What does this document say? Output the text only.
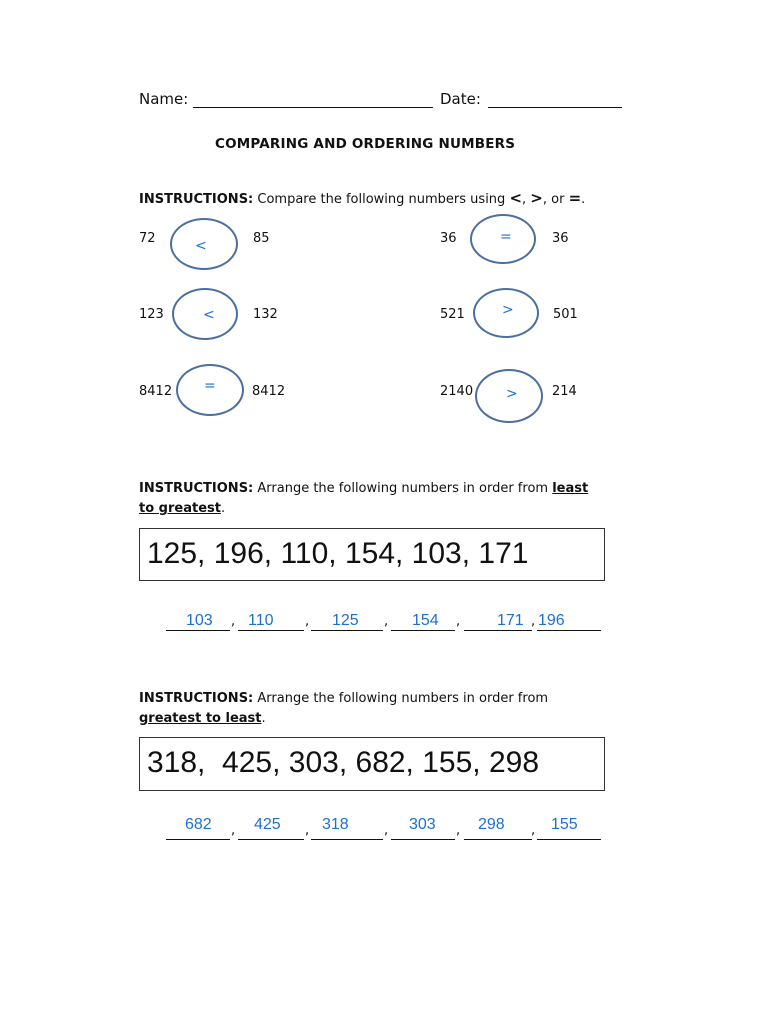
Name:	Date:
COMPARING AND ORDERING NUMBERS
INSTRUCTIONS: Compare the following numbers using <, >, or =.
72	<	85	36	=	36
123	<	132	521	>	501
8412 =	8412	2140 >	214
INSTRUCTIONS: Arrange the following numbers in order from least
to greatest.
125, 196, 110, 154, 103, 171
103 , 110 , 125 , 154 , 171 , 196
INSTRUCTIONS: Arrange the following numbers in order from
greatest to least.
318,  425, 303, 682, 155, 298
682 , 425 , 318	, 303 , 298 , 155
